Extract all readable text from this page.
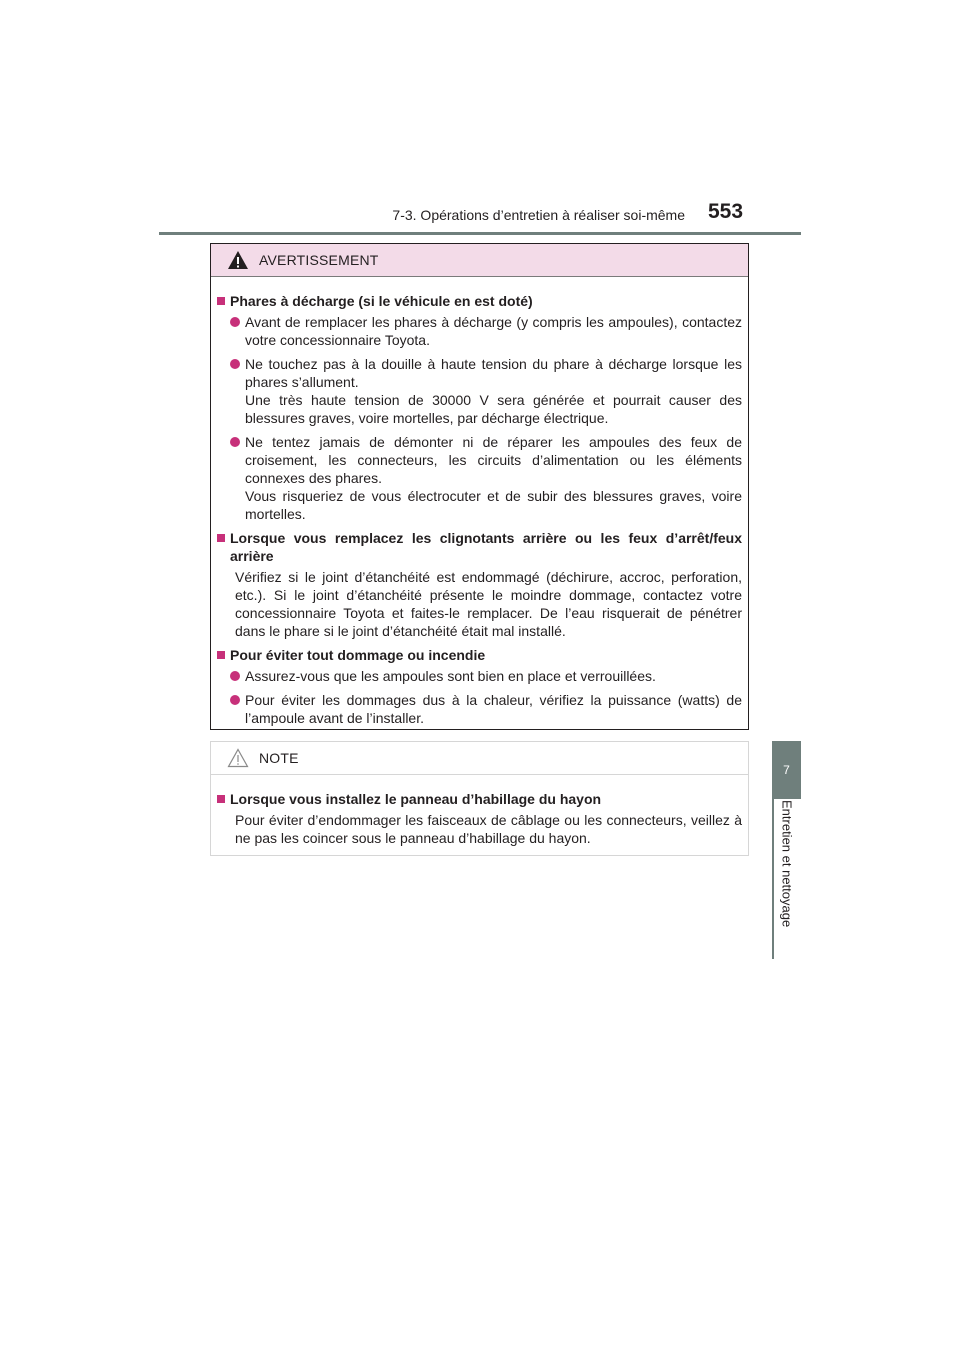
7-3. Opérations d’entretien à réaliser soi-même 553
7
Entretien et nettoyage
AVERTISSEMENT
Phares à décharge (si le véhicule en est doté)
Avant de remplacer les phares à décharge (y compris les ampoules), contactez votre concessionnaire Toyota.
Ne touchez pas à la douille à haute tension du phare à décharge lorsque les phares s’allument.
Une très haute tension de 30000 V sera générée et pourrait causer des blessures graves, voire mortelles, par décharge électrique.
Ne tentez jamais de démonter ni de réparer les ampoules des feux de croisement, les connecteurs, les circuits d’alimentation ou les éléments connexes des phares.
Vous risqueriez de vous électrocuter et de subir des blessures graves, voire mortelles.
Lorsque vous remplacez les clignotants arrière ou les feux d’arrêt/feux arrière
Vérifiez si le joint d’étanchéité est endommagé (déchirure, accroc, perforation, etc.). Si le joint d’étanchéité présente le moindre dommage, contactez votre concessionnaire Toyota et faites-le remplacer. De l’eau risquerait de pénétrer dans le phare si le joint d’étanchéité était mal installé.
Pour éviter tout dommage ou incendie
Assurez-vous que les ampoules sont bien en place et verrouillées.
Pour éviter les dommages dus à la chaleur, vérifiez la puissance (watts) de l’ampoule avant de l’installer.
NOTE
Lorsque vous installez le panneau d’habillage du hayon
Pour éviter d’endommager les faisceaux de câblage ou les connecteurs, veillez à ne pas les coincer sous le panneau d’habillage du hayon.
